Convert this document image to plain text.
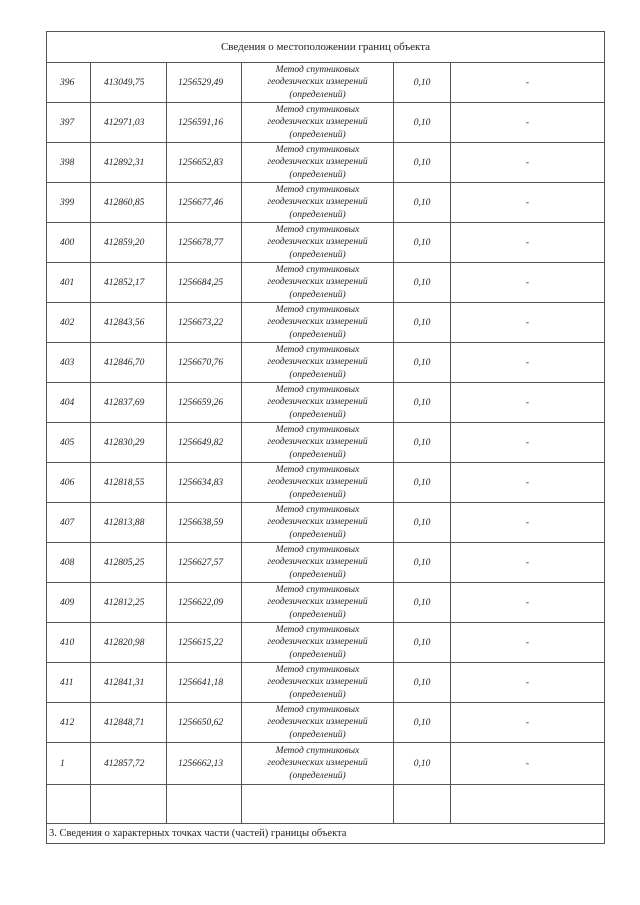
Сведения о местоположении границ объекта					
396	413049,75	1256529,49	Метод спутниковых
геодезических измерений
(определений)	0,10	-
397	412971,03	1256591,16	Метод спутниковых
геодезических измерений
(определений)	0,10	-
398	412892,31	1256652,83	Метод спутниковых
геодезических измерений
(определений)	0,10	-
399	412860,85	1256677,46	Метод спутниковых
геодезических измерений
(определений)	0,10	-
400	412859,20	1256678,77	Метод спутниковых
геодезических измерений
(определений)	0,10	-
401	412852,17	1256684,25	Метод спутниковых
геодезических измерений
(определений)	0,10	-
402	412843,56	1256673,22	Метод спутниковых
геодезических измерений
(определений)	0,10	-
403	412846,70	1256670,76	Метод спутниковых
геодезических измерений
(определений)	0,10	-
404	412837,69	1256659,26	Метод спутниковых
геодезических измерений
(определений)	0,10	-
405	412830,29	1256649,82	Метод спутниковых
геодезических измерений
(определений)	0,10	-
406	412818,55	1256634,83	Метод спутниковых
геодезических измерений
(определений)	0,10	-
407	412813,88	1256638,59	Метод спутниковых
геодезических измерений
(определений)	0,10	-
408	412805,25	1256627,57	Метод спутниковых
геодезических измерений
(определений)	0,10	-
409	412812,25	1256622,09	Метод спутниковых
геодезических измерений
(определений)	0,10	-
410	412820,98	1256615,22	Метод спутниковых
геодезических измерений
(определений)	0,10	-
411	412841,31	1256641,18	Метод спутниковых
геодезических измерений
(определений)	0,10	-
412	412848,71	1256650,62	Метод спутниковых
геодезических измерений
(определений)	0,10	-
1	412857,72	1256662,13	Метод спутниковых
геодезических измерений
(определений)	0,10	-

3. Сведения о характерных точках части (частей) границы объекта					
